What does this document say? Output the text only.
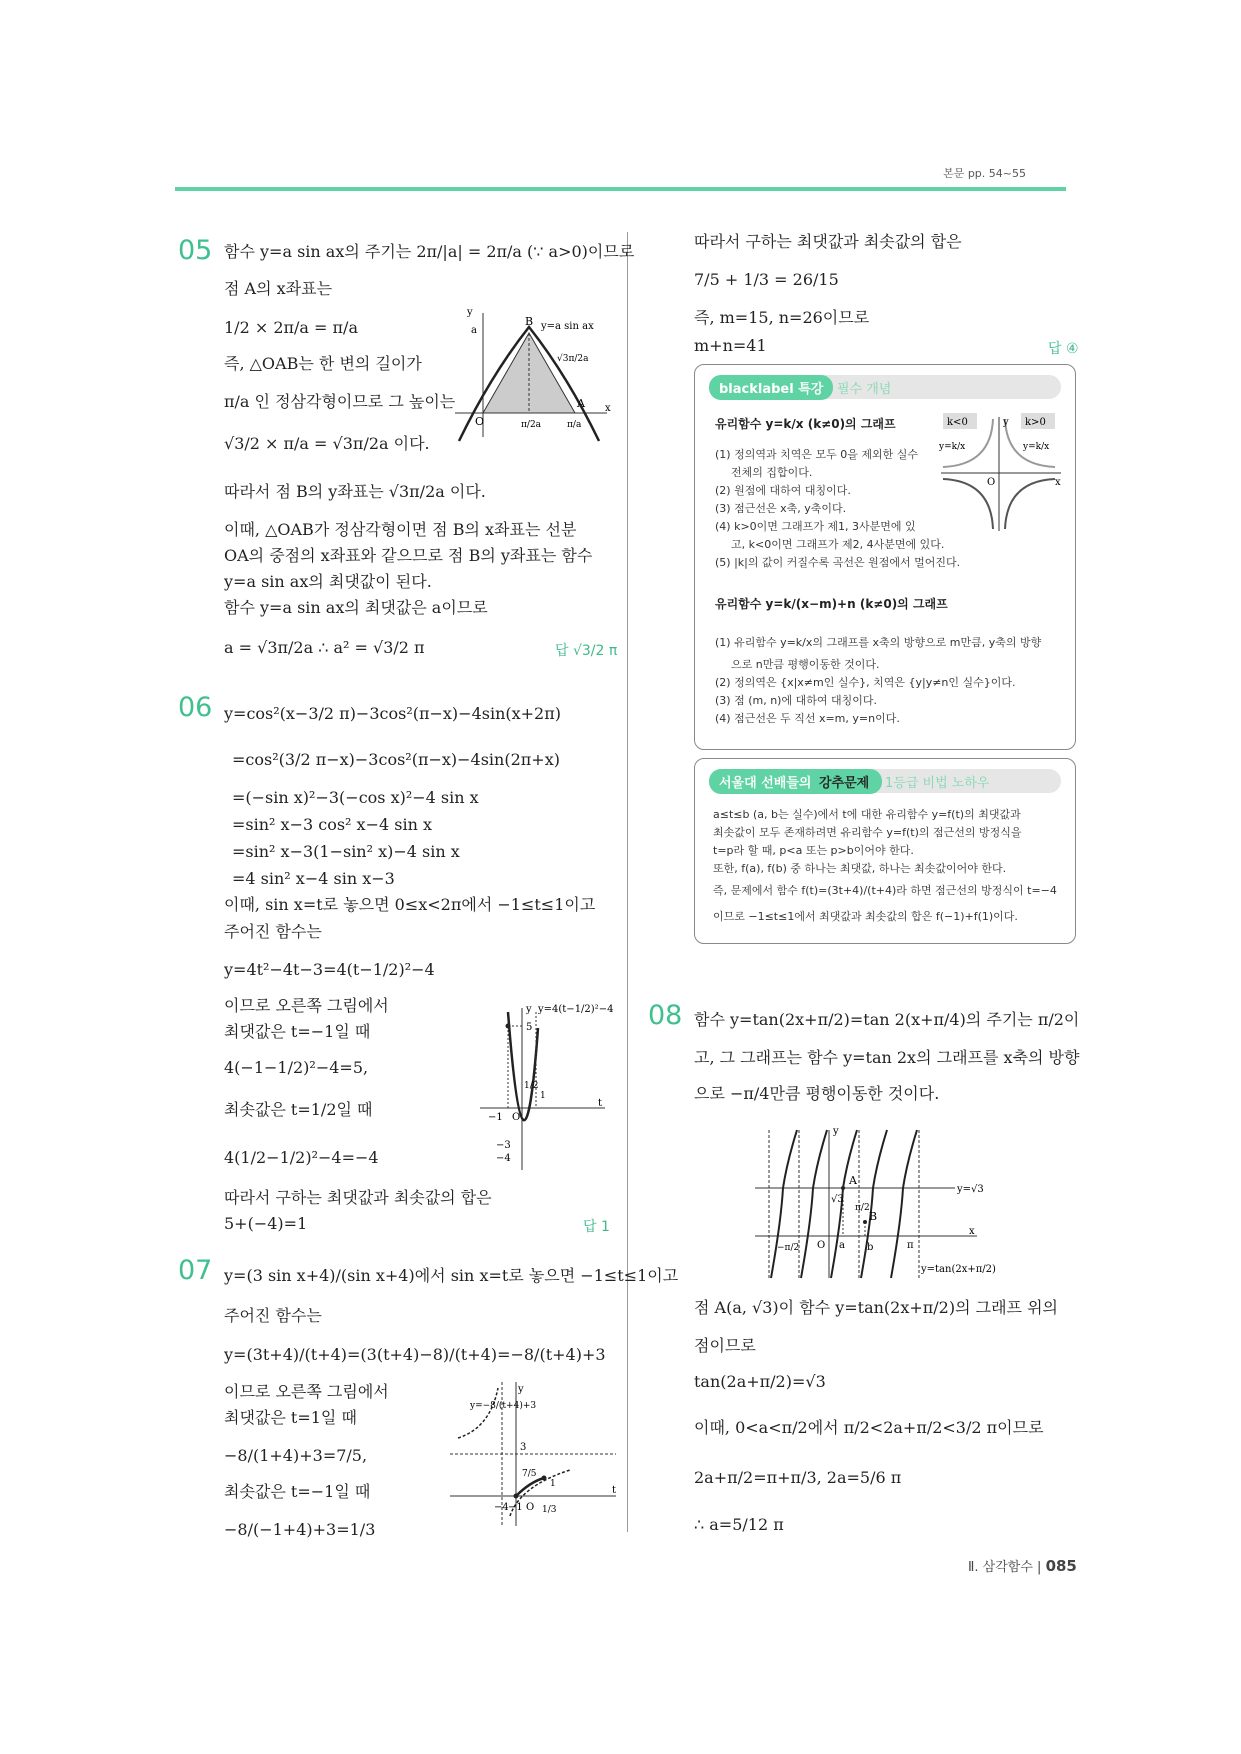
본문 pp. 54~55
05 함수 y=a sin ax의 주기는 2π/|a| = 2π/a (∵ a>0)이므로
점 A의 x좌표는
1/2 × 2π/a = π/a
즉, △OAB는 한 변의 길이가
π/a 인 정삼각형이므로 그 높이는
√3/2 × π/a = √3π/2a 이다.
따라서 점 B의 y좌표는 √3π/2a 이다.
이때, △OAB가 정삼각형이면 점 B의 x좌표는 선분
OA의 중점의 x좌표와 같으므로 점 B의 y좌표는 함수
y=a sin ax의 최댓값이 된다.
함수 y=a sin ax의 최댓값은 a이므로
a = √3π/2a ∴ a² = √3/2 π	답 √3/2 π
y
x
a
B y=a sin ax
√3π/2a
O	π/2a	π/a
A
06 y=cos²(x−3/2 π)−3cos²(π−x)−4sin(x+2π)
=cos²(3/2 π−x)−3cos²(π−x)−4sin(2π+x)
=(−sin x)²−3(−cos x)²−4 sin x
=sin² x−3 cos² x−4 sin x
=sin² x−3(1−sin² x)−4 sin x
=4 sin² x−4 sin x−3
이때, sin x=t로 놓으면 0≤x<2π에서 −1≤t≤1이고
주어진 함수는
y=4t²−4t−3=4(t−1/2)²−4
이므로 오른쪽 그림에서
최댓값은 t=−1일 때
4(−1−1/2)²−4=5,
최솟값은 t=1/2일 때
4(1/2−1/2)²−4=−4
따라서 구하는 최댓값과 최솟값의 합은
5+(−4)=1	답 1
y y=4(t−1/2)²−4
t
5
1/2
1
−1 O
−3
−4
07 y=(3 sin x+4)/(sin x+4)에서 sin x=t로 놓으면 −1≤t≤1이고
주어진 함수는
y=(3t+4)/(t+4)=(3(t+4)−8)/(t+4)=−8/(t+4)+3
이므로 오른쪽 그림에서
최댓값은 t=1일 때
−8/(1+4)+3=7/5,
최솟값은 t=−1일 때
−8/(−1+4)+3=1/3
y
y=−8/(t+4)+3
t
3
7/5
1
−4 −1 O 1/3
따라서 구하는 최댓값과 최솟값의 합은
7/5 + 1/3 = 26/15
즉, m=15, n=26이므로
m+n=41	답 ④
blacklabel 특강	필수 개념
유리함수 y=k/x (k≠0)의 그래프
(1) 정의역과 치역은 모두 0을 제외한 실수
전체의 집합이다.
(2) 원점에 대하여 대칭이다.
(3) 점근선은 x축, y축이다.
(4) k>0이면 그래프가 제1, 3사분면에 있
고, k<0이면 그래프가 제2, 4사분면에 있다.
(5) |k|의 값이 커질수록 곡선은 원점에서 멀어진다.
k<0	k>0
y
x
O
y=k/x	y=k/x
유리함수 y=k/(x−m)+n (k≠0)의 그래프
(1) 유리함수 y=k/x의 그래프를 x축의 방향으로 m만큼, y축의 방향
으로 n만큼 평행이동한 것이다.
(2) 정의역은 {x|x≠m인 실수}, 치역은 {y|y≠n인 실수}이다.
(3) 점 (m, n)에 대하여 대칭이다.
(4) 점근선은 두 직선 x=m, y=n이다.
서울대 선배들의 강추문제	1등급 비법 노하우
a≤t≤b (a, b는 실수)에서 t에 대한 유리함수 y=f(t)의 최댓값과
최솟값이 모두 존재하려면 유리함수 y=f(t)의 점근선의 방정식을
t=p라 할 때, p<a 또는 p>b이어야 한다.
또한, f(a), f(b) 중 하나는 최댓값, 하나는 최솟값이어야 한다.
즉, 문제에서 함수 f(t)=(3t+4)/(t+4)라 하면 점근선의 방정식이 t=−4
이므로 −1≤t≤1에서 최댓값과 최솟값의 합은 f(−1)+f(1)이다.
08 함수 y=tan(2x+π/2)=tan 2(x+π/4)의 주기는 π/2이
고, 그 그래프는 함수 y=tan 2x의 그래프를 x축의 방향
으로 −π/4만큼 평행이동한 것이다.
y
x
A
B
√3
y=√3
−π/2 O a
π/2
b	π
y=tan(2x+π/2)
점 A(a, √3)이 함수 y=tan(2x+π/2)의 그래프 위의
점이므로
tan(2a+π/2)=√3
이때, 0<a<π/2에서 π/2<2a+π/2<3/2 π이므로
2a+π/2=π+π/3, 2a=5/6 π
∴ a=5/12 π
Ⅱ. 삼각함수 | 085
